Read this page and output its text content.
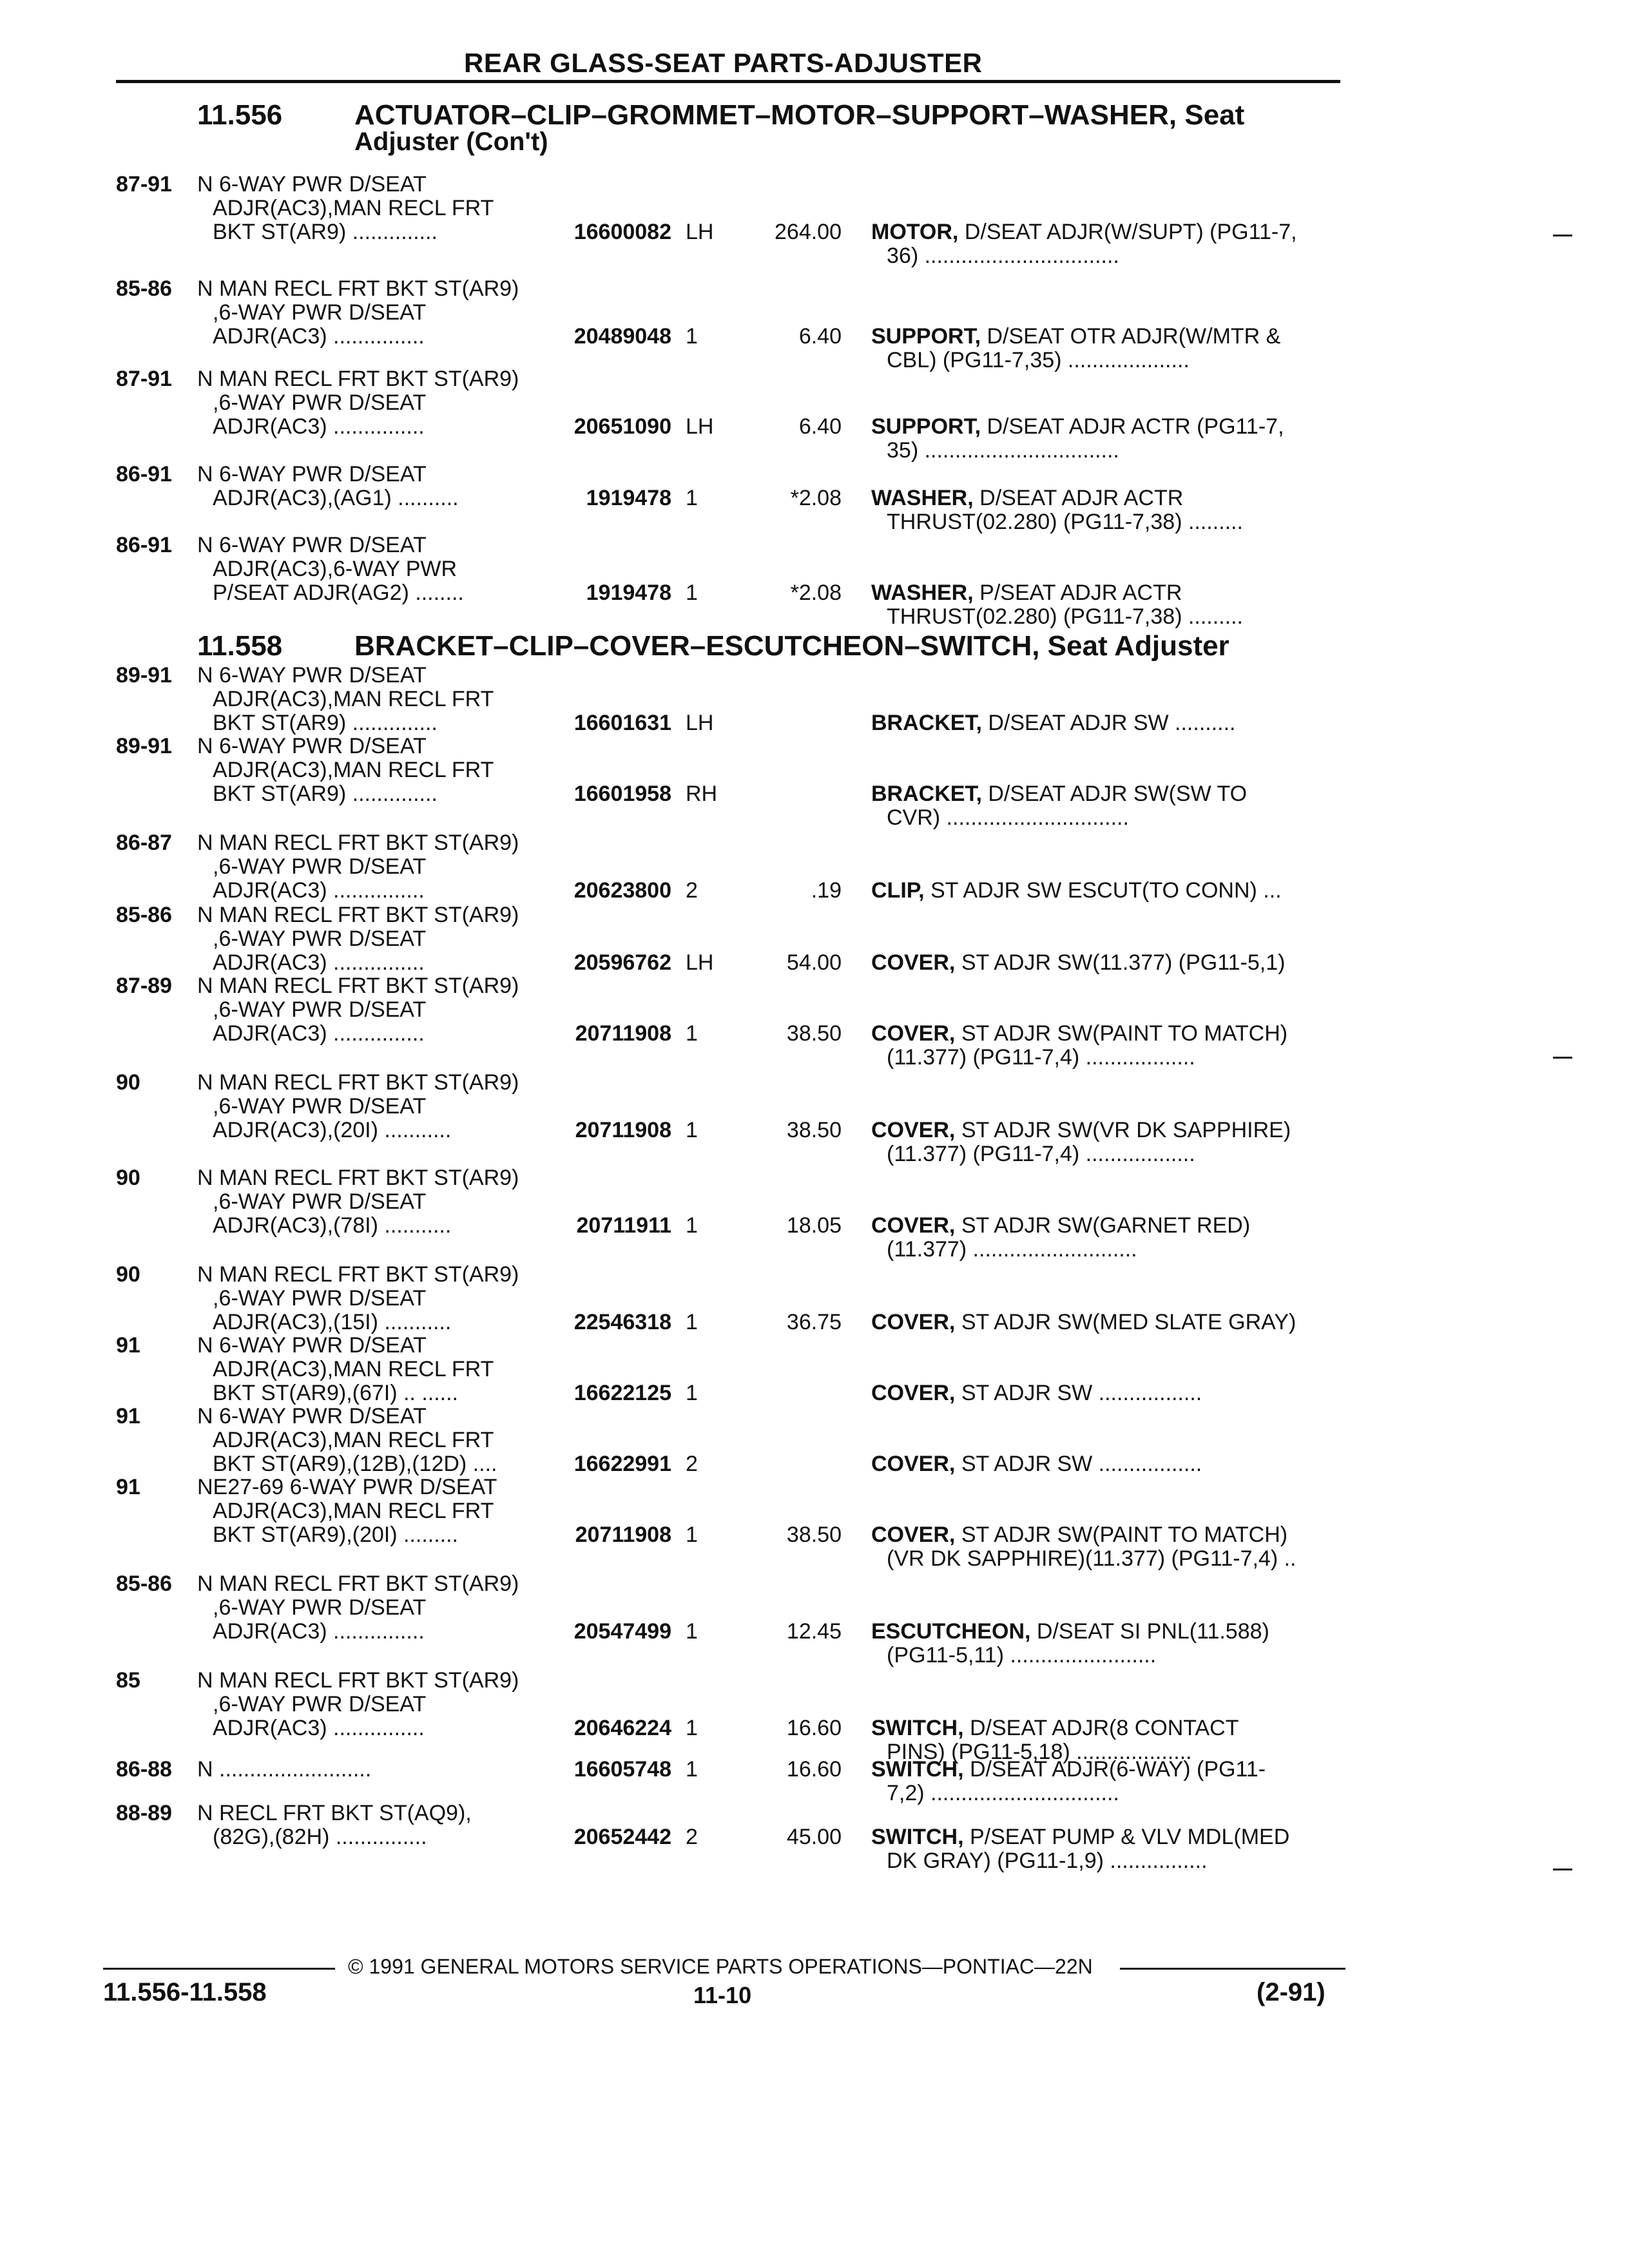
REAR GLASS-SEAT PARTS-ADJUSTER
11.556	ACTUATOR–CLIP–GROMMET–MOTOR–SUPPORT–WASHER, Seat
Adjuster (Con't)
11.558	BRACKET–CLIP–COVER–ESCUTCHEON–SWITCH, Seat Adjuster
87-91 N 6-WAY PWR D/SEAT
ADJR(AC3),MAN RECL FRT
BKT ST(AR9) ..............	16600082 LH	264.00 MOTOR, D/SEAT ADJR(W/SUPT) (PG11-7,
36) ................................
85-86 N MAN RECL FRT BKT ST(AR9)
,6-WAY PWR D/SEAT
ADJR(AC3) ...............	20489048 1	6.40 SUPPORT, D/SEAT OTR ADJR(W/MTR &
CBL) (PG11-7,35) ....................
87-91 N MAN RECL FRT BKT ST(AR9)
,6-WAY PWR D/SEAT
ADJR(AC3) ...............	20651090 LH	6.40 SUPPORT, D/SEAT ADJR ACTR (PG11-7,
35) ................................
86-91 N 6-WAY PWR D/SEAT
ADJR(AC3),(AG1) ..........	1919478 1	*2.08 WASHER, D/SEAT ADJR ACTR
THRUST(02.280) (PG11-7,38) .........
86-91 N 6-WAY PWR D/SEAT
ADJR(AC3),6-WAY PWR
P/SEAT ADJR(AG2) ........	1919478 1	*2.08 WASHER, P/SEAT ADJR ACTR
THRUST(02.280) (PG11-7,38) .........
89-91 N 6-WAY PWR D/SEAT
ADJR(AC3),MAN RECL FRT
BKT ST(AR9) ..............	16601631 LH	BRACKET, D/SEAT ADJR SW ..........
89-91 N 6-WAY PWR D/SEAT
ADJR(AC3),MAN RECL FRT
BKT ST(AR9) ..............	16601958 RH	BRACKET, D/SEAT ADJR SW(SW TO
CVR) ..............................
86-87 N MAN RECL FRT BKT ST(AR9)
,6-WAY PWR D/SEAT
ADJR(AC3) ...............	20623800 2	.19 CLIP, ST ADJR SW ESCUT(TO CONN) ...
85-86 N MAN RECL FRT BKT ST(AR9)
,6-WAY PWR D/SEAT
ADJR(AC3) ...............	20596762 LH	54.00 COVER, ST ADJR SW(11.377) (PG11-5,1)
87-89 N MAN RECL FRT BKT ST(AR9)
,6-WAY PWR D/SEAT
ADJR(AC3) ...............	20711908 1	38.50 COVER, ST ADJR SW(PAINT TO MATCH)
(11.377) (PG11-7,4) ..................
90	N MAN RECL FRT BKT ST(AR9)
,6-WAY PWR D/SEAT
ADJR(AC3),(20I) ...........	20711908 1	38.50 COVER, ST ADJR SW(VR DK SAPPHIRE)
(11.377) (PG11-7,4) ..................
90	N MAN RECL FRT BKT ST(AR9)
,6-WAY PWR D/SEAT
ADJR(AC3),(78I) ...........	20711911 1	18.05 COVER, ST ADJR SW(GARNET RED)
(11.377) ...........................
90	N MAN RECL FRT BKT ST(AR9)
,6-WAY PWR D/SEAT
ADJR(AC3),(15I) ...........	22546318 1	36.75 COVER, ST ADJR SW(MED SLATE GRAY)
91	N 6-WAY PWR D/SEAT
ADJR(AC3),MAN RECL FRT
BKT ST(AR9),(67I) .. ......	16622125 1	COVER, ST ADJR SW .................
91	N 6-WAY PWR D/SEAT
ADJR(AC3),MAN RECL FRT
BKT ST(AR9),(12B),(12D) ....	16622991 2	COVER, ST ADJR SW .................
91	NE27-69 6-WAY PWR D/SEAT
ADJR(AC3),MAN RECL FRT
BKT ST(AR9),(20I) .........	20711908 1	38.50 COVER, ST ADJR SW(PAINT TO MATCH)
(VR DK SAPPHIRE)(11.377) (PG11-7,4) ..
85-86 N MAN RECL FRT BKT ST(AR9)
,6-WAY PWR D/SEAT
ADJR(AC3) ...............	20547499 1	12.45 ESCUTCHEON, D/SEAT SI PNL(11.588)
(PG11-5,11) ........................
85	N MAN RECL FRT BKT ST(AR9)
,6-WAY PWR D/SEAT
ADJR(AC3) ...............	20646224 1	16.60 SWITCH, D/SEAT ADJR(8 CONTACT
PINS) (PG11-5,18) ...................
86-88 N .........................	16605748 1	16.60 SWITCH, D/SEAT ADJR(6-WAY) (PG11-
7,2) ...............................
88-89 N RECL FRT BKT ST(AQ9),
(82G),(82H) ...............	20652442 2	45.00 SWITCH, P/SEAT PUMP & VLV MDL(MED
DK GRAY) (PG11-1,9) ................
© 1991 GENERAL MOTORS SERVICE PARTS OPERATIONS—PONTIAC—22N
11.556-11.558	11-10	(2-91)
